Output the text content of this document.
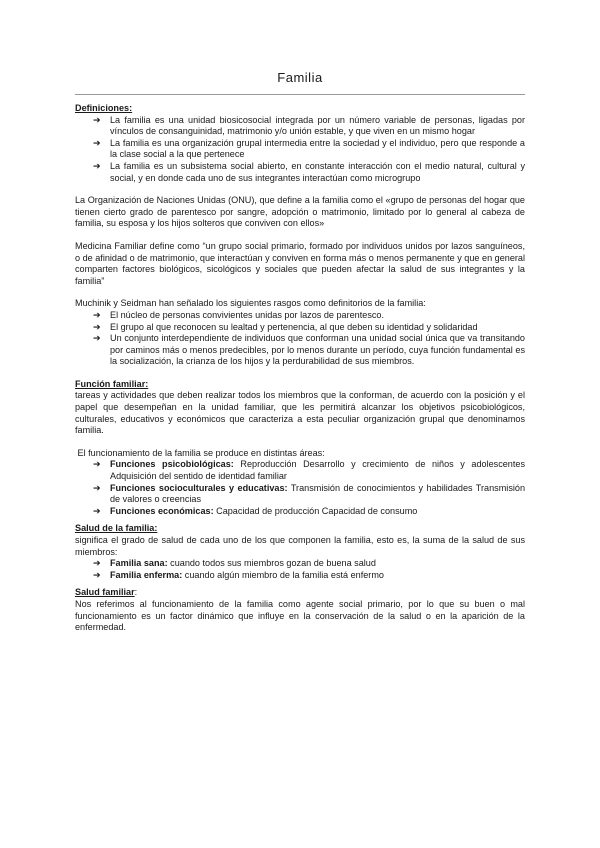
Familia

Definiciones:

➔ La familia es una unidad biosicosocial integrada por un número variable de personas, ligadas por vínculos de consanguinidad, matrimonio y/o unión estable, y que viven en un mismo hogar
➔ La familia es una organización grupal intermedia entre la sociedad y el individuo, pero que responde a la clase social a la que pertenece
➔ La familia es un subsistema social abierto, en constante interacción con el medio natural, cultural y social, y en donde cada uno de sus integrantes interactúan como microgrupo

La Organización de Naciones Unidas (ONU), que define a la familia como el «grupo de personas del hogar que tienen cierto grado de parentesco por sangre, adopción o matrimonio, limitado por lo general al cabeza de familia, su esposa y los hijos solteros que conviven con ellos»

Medicina Familiar define como “un grupo social primario, formado por individuos unidos por lazos sanguíneos, o de afinidad o de matrimonio, que interactúan y conviven en forma más o menos permanente y que en general comparten factores biológicos, sicológicos y sociales que pueden afectar la salud de sus integrantes y la familia”

Muchinik y Seidman han señalado los siguientes rasgos como definitorios de la familia:

➔ El núcleo de personas convivientes unidas por lazos de parentesco.
➔ El grupo al que reconocen su lealtad y pertenencia, al que deben su identidad y solidaridad
➔ Un conjunto interdependiente de individuos que conforman una unidad social única que va transitando por caminos más o menos predecibles, por lo menos durante un período, cuya función fundamental es la socialización, la crianza de los hijos y la perdurabilidad de sus miembros.

Función familiar:

tareas y actividades que deben realizar todos los miembros que la conforman, de acuerdo con la posición y el papel que desempeñan en la unidad familiar, que les permitirá alcanzar los objetivos psicobiológicos, culturales, educativos y económicos que caracteriza a esta peculiar organización grupal que denominamos familia.

El funcionamiento de la familia se produce en distintas áreas:

➔ Funciones psicobiológicas: Reproducción Desarrollo y crecimiento de niños y adolescentes Adquisición del sentido de identidad familiar
➔ Funciones socioculturales y educativas: Transmisión de conocimientos y habilidades Transmisión de valores o creencias
➔ Funciones económicas: Capacidad de producción Capacidad de consumo

Salud de la familia:

significa el grado de salud de cada uno de los que componen la familia, esto es, la suma de la salud de sus miembros:

➔ Familia sana: cuando todos sus miembros gozan de buena salud
➔ Familia enferma: cuando algún miembro de la familia está enfermo

Salud familiar:

Nos referimos al funcionamiento de la familia como agente social primario, por lo que su buen o mal funcionamiento es un factor dinámico que influye en la conservación de la salud o en la aparición de la enfermedad.
